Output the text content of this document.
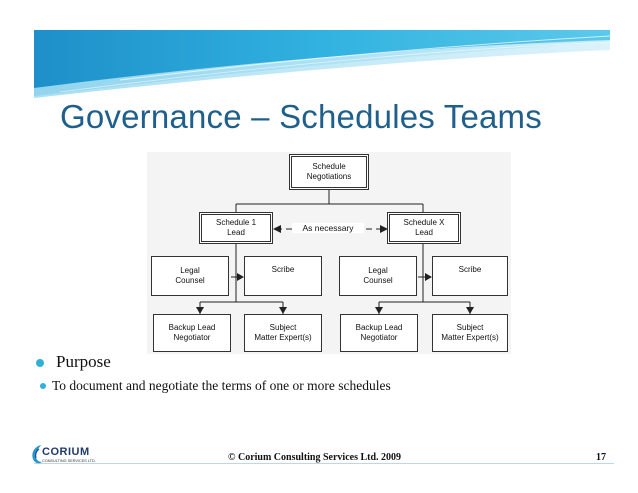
Governance – Schedules Teams
Schedule
Negotiations
Schedule 1
Lead
Schedule X
Lead
Legal
Counsel
Scribe	Legal
Counsel
Scribe
Backup Lead
Negotiator
Subject
Matter Expert(s)
Backup Lead
Negotiator
Subject
Matter Expert(s)
As necessary
Purpose
To document and negotiate the terms of one or more schedules
CORIUM
CONSULTING SERVICES LTD.	© Corium Consulting Services Ltd. 2009	17
